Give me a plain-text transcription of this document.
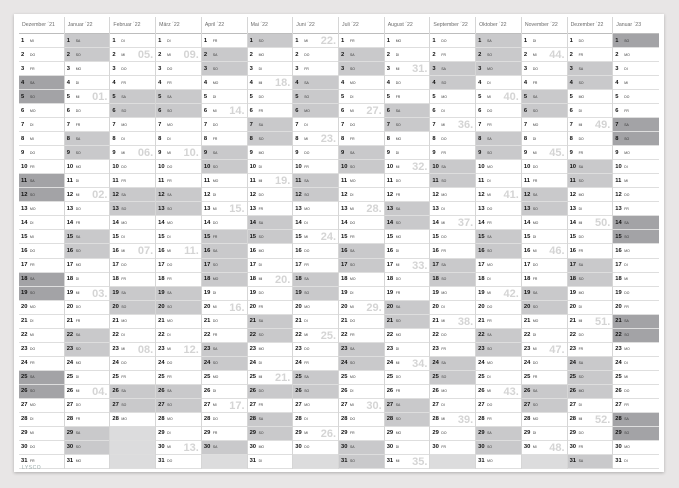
Dezember ´21
1	MI
2	DO
3	FR
4	SA
5	SO
6	MO
7	DI
8	MI
9	DO
10 FR
11 SA
12 SO
13 MO
14 DI
15 MI
16 DO
17 FR
18 SA
19 SO
20 MO
21 DI
22 MI
23 DO
24 FR
25 SA
26 SO
27 MO
28 DI
29 MI
30 DO
31 FR
Januar ´22
1	SA
2	SO
3	MO
4	DI
5	MI 01.
6	DO
7	FR
8	SA
9	SO
10 MO
11 DI
12 MI 02.
13 DO
14 FR
15 SA
16 SO
17 MO
18 DI
19 MI 03.
20 DO
21 FR
22 SA
23 SO
24 MO
25 DI
26 MI 04.
27 DO
28 FR
29 SA
30 SO
31 MO
Februar ´22
1	DI
2	MI 05.
3	DO
4	FR
5	SA
6	SO
7	MO
8	DI
9	MI 06.
10 DO
11 FR
12 SA
13 SO
14 MO
15 DI
16 MI 07.
17 DO
18 FR
19 SA
20 SO
21 MO
22 DI
23 MI 08.
24 DO
25 FR
26 SA
27 SO
28 MO
März ´22
1	DI
2	MI 09.
3	DO
4	FR
5	SA
6	SO
7	MO
8	DI
9	MI 10.
10 DO
11 FR
12 SA
13 SO
14 MO
15 DI
16 MI 11.
17 DO
18 FR
19 SA
20 SO
21 MO
22 DI
23 MI 12.
24 DO
25 FR
26 SA
27 SO
28 MO
29 DI
30 MI 13.
31 DO
April ´22
1	FR
2	SA
3	SO
4	MO
5	DI
6	MI 14.
7	DO
8	FR
9	SA
10 SO
11 MO
12 DI
13 MI 15.
14 DO
15 FR
16 SA
17 SO
18 MO
19 DI
20 MI 16.
21 DO
22 FR
23 SA
24 SO
25 MO
26 DI
27 MI 17.
28 DO
29 FR
30 SA
Mai ´22
1	SO
2	MO
3	DI
4	MI 18.
5	DO
6	FR
7	SA
8	SO
9	MO
10 DI
11 MI 19.
12 DO
13 FR
14 SA
15 SO
16 MO
17 DI
18 MI 20.
19 DO
20 FR
21 SA
22 SO
23 MO
24 DI
25 MI 21.
26 DO
27 FR
28 SA
29 SO
30 MO
31 DI
Juni ´22
1	MI 22.
2	DO
3	FR
4	SA
5	SO
6	MO
7	DI
8	MI 23.
9	DO
10 FR
11 SA
12 SO
13 MO
14 DI
15 MI 24.
16 DO
17 FR
18 SA
19 SO
20 MO
21 DI
22 MI 25.
23 DO
24 FR
25 SA
26 SO
27 MO
28 DI
29 MI 26.
30 DO
Juli ´22
1	FR
2	SA
3	SO
4	MO
5	DI
6	MI 27.
7	DO
8	FR
9	SA
10 SO
11 MO
12 DI
13 MI 28.
14 DO
15 FR
16 SA
17 SO
18 MO
19 DI
20 MI 29.
21 DO
22 FR
23 SA
24 SO
25 MO
26 DI
27 MI 30.
28 DO
29 FR
30 SA
31 SO
August ´22
1	MO
2	DI
3	MI 31.
4	DO
5	FR
6	SA
7	SO
8	MO
9	DI
10 MI 32.
11 DO
12 FR
13 SA
14 SO
15 MO
16 DI
17 MI 33.
18 DO
19 FR
20 SA
21 SO
22 MO
23 DI
24 MI 34.
25 DO
26 FR
27 SA
28 SO
29 MO
30 DI
31 MI 35.
September ´22
1	DO
2	FR
3	SA
4	SO
5	MO
6	DI
7	MI 36.
8	DO
9	FR
10 SA
11 SO
12 MO
13 DI
14 MI 37.
15 DO
16 FR
17 SA
18 SO
19 MO
20 DI
21 MI 38.
22 DO
23 FR
24 SA
25 SO
26 MO
27 DI
28 MI 39.
29 DO
30 FR
Oktober ´22
1	SA
2	SO
3	MO
4	DI
5	MI 40.
6	DO
7	FR
8	SA
9	SO
10 MO
11 DI
12 MI 41.
13 DO
14 FR
15 SA
16 SO
17 MO
18 DI
19 MI 42.
20 DO
21 FR
22 SA
23 SO
24 MO
25 DI
26 MI 43.
27 DO
28 FR
29 SA
30 SO
31 MO
November ´22
1	DI
2	MI 44.
3	DO
4	FR
5	SA
6	SO
7	MO
8	DI
9	MI 45.
10 DO
11 FR
12 SA
13 SO
14 MO
15 DI
16 MI 46.
17 DO
18 FR
19 SA
20 SO
21 MO
22 DI
23 MI 47.
24 DO
25 FR
26 SA
27 SO
28 MO
29 DI
30 MI 48.
Dezember ´22
1	DO
2	FR
3	SA
4	SO
5	MO
6	DI
7	MI 49.
8	DO
9	FR
10 SA
11 SO
12 MO
13 DI
14 MI 50.
15 DO
16 FR
17 SA
18 SO
19 MO
20 DI
21 MI 51.
22 DO
23 FR
24 SA
25 SO
26 MO
27 DI
28 MI 52.
29 DO
30 FR
31 SA
Januar ´23
1	SO
2	MO
3	DI
4	MI
5	DO
6	FR
7	SA
8	SO
9	MO
10 DI
11 MI
12 DO
13 FR
14 SA
15 SO
16 MO
17 DI
18 MI
19 DO
20 FR
21 SA
22 SO
23 MO
24 DI
25 MI
26 DO
27 FR
28 SA
29 SO
30 MO
31 DI
LYSCO
